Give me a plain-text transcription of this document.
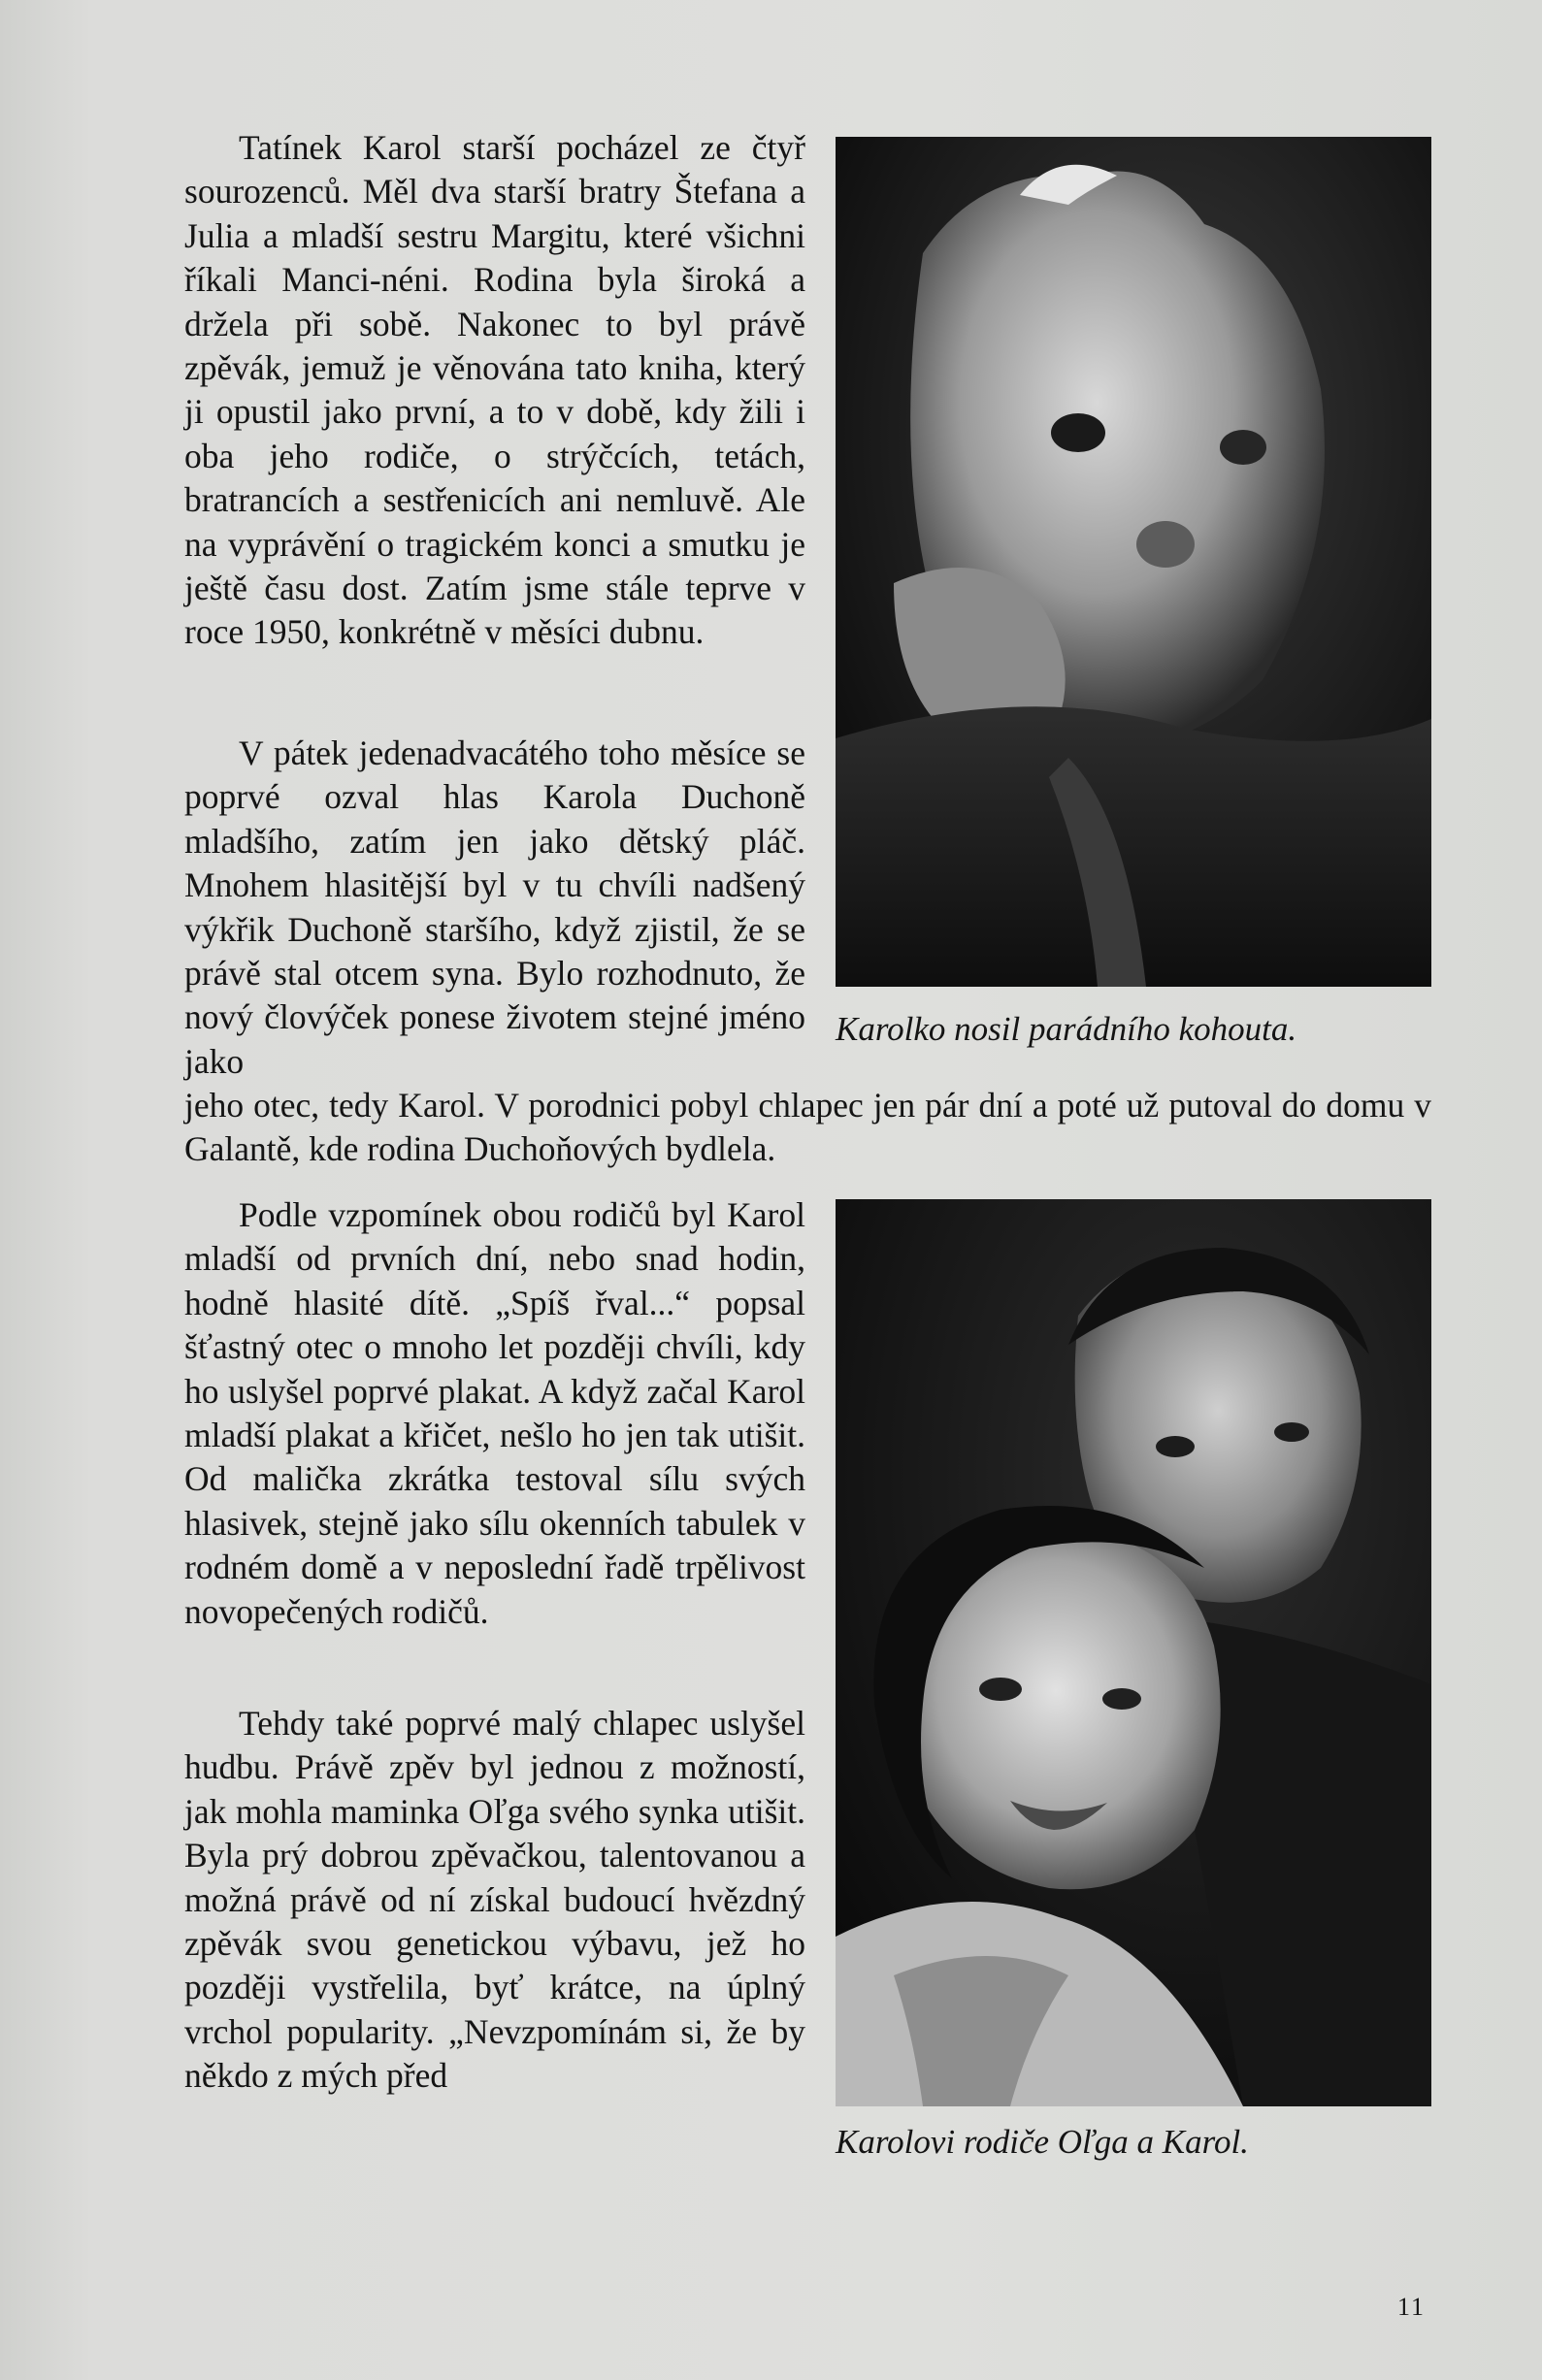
Tatínek Karol starší pocházel ze čtyř sourozenců. Měl dva starší bratry Štefana a Julia a mladší sestru Margitu, které všichni říkali Manci-néni. Rodina byla široká a držela při sobě. Nakonec to byl právě zpěvák, jemuž je věnována tato kniha, který ji opustil jako první, a to v době, kdy žili i oba jeho rodiče, o strýčcích, tetách, bratrancích a sestřenicích ani nemluvě. Ale na vyprávění o tragickém konci a smutku je ještě času dost. Zatím jsme stále teprve v roce 1950, konkrétně v měsíci dubnu.

V pátek jedenadvacátého toho měsíce se poprvé ozval hlas Karola Duchoně mladšího, zatím jen jako dětský pláč. Mnohem hlasitější byl v tu chvíli nadšený výkřik Duchoně staršího, když zjistil, že se právě stal otcem syna. Bylo rozhodnuto, že nový človýček ponese životem stejné jméno jako

jeho otec, tedy Karol. V porodnici pobyl chlapec jen pár dní a poté už putoval do domu v Galantě, kde rodina Duchoňových bydlela.

Podle vzpomínek obou rodičů byl Karol mladší od prvních dní, nebo snad hodin, hodně hlasité dítě. „Spíš řval...“ popsal šťastný otec o mnoho let později chvíli, kdy ho uslyšel poprvé plakat. A když začal Karol mladší plakat a křičet, nešlo ho jen tak utišit. Od malička zkrátka testoval sílu svých hlasivek, stejně jako sílu okenních tabulek v rodném domě a v neposlední řadě trpělivost novopečených rodičů.

Tehdy také poprvé malý chlapec uslyšel hudbu. Právě zpěv byl jednou z možností, jak mohla maminka Oľga svého synka utišit. Byla prý dobrou zpěvačkou, talentovanou a možná právě od ní získal budoucí hvězdný zpěvák svou genetickou výbavu, jež ho později vystřelila, byť krátce, na úplný vrchol popularity. „Nevzpomínám si, že by někdo z mých před

Karolko nosil parádního kohouta.

Karolovi rodiče Oľga a Karol.

11
